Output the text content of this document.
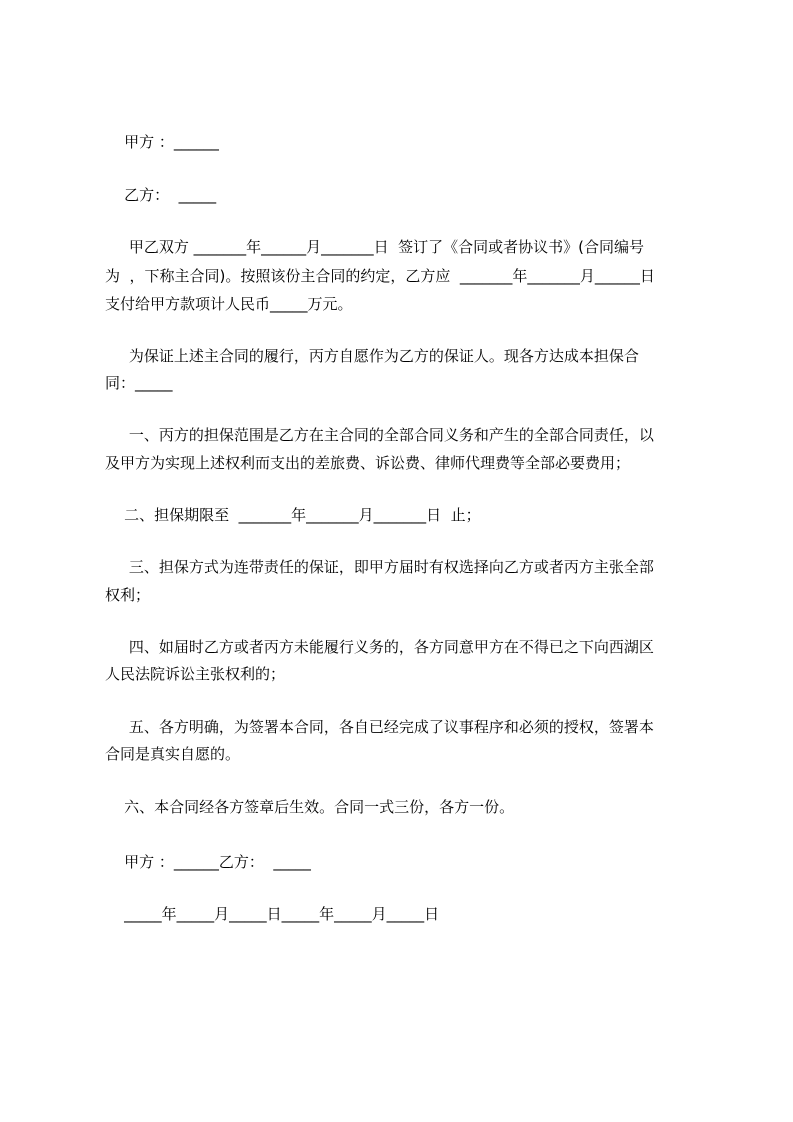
甲方 ：______

乙方：  _____

甲乙双方 _______年______月_______日  签订了《合同或者协议书》(合同编号

为  ，下称主合同)。按照该份主合同的约定，乙方应  _______年_______月______日

支付给甲方款项计人民币_____万元。

为保证上述主合同的履行，丙方自愿作为乙方的保证人。现各方达成本担保合

同：_____

一、丙方的担保范围是乙方在主合同的全部合同义务和产生的全部合同责任，以

及甲方为实现上述权利而支出的差旅费、诉讼费、律师代理费等全部必要费用；

二、担保期限至  _______年_______月_______日  止；

三、担保方式为连带责任的保证，即甲方届时有权选择向乙方或者丙方主张全部

权利；

四、如届时乙方或者丙方未能履行义务的，各方同意甲方在不得已之下向西湖区

人民法院诉讼主张权利的；

五、各方明确，为签署本合同，各自已经完成了议事程序和必须的授权，签署本

合同是真实自愿的。

六、本合同经各方签章后生效。合同一式三份，各方一份。

甲方 ：______乙方：  _____

_____年_____月_____日_____年_____月_____日
